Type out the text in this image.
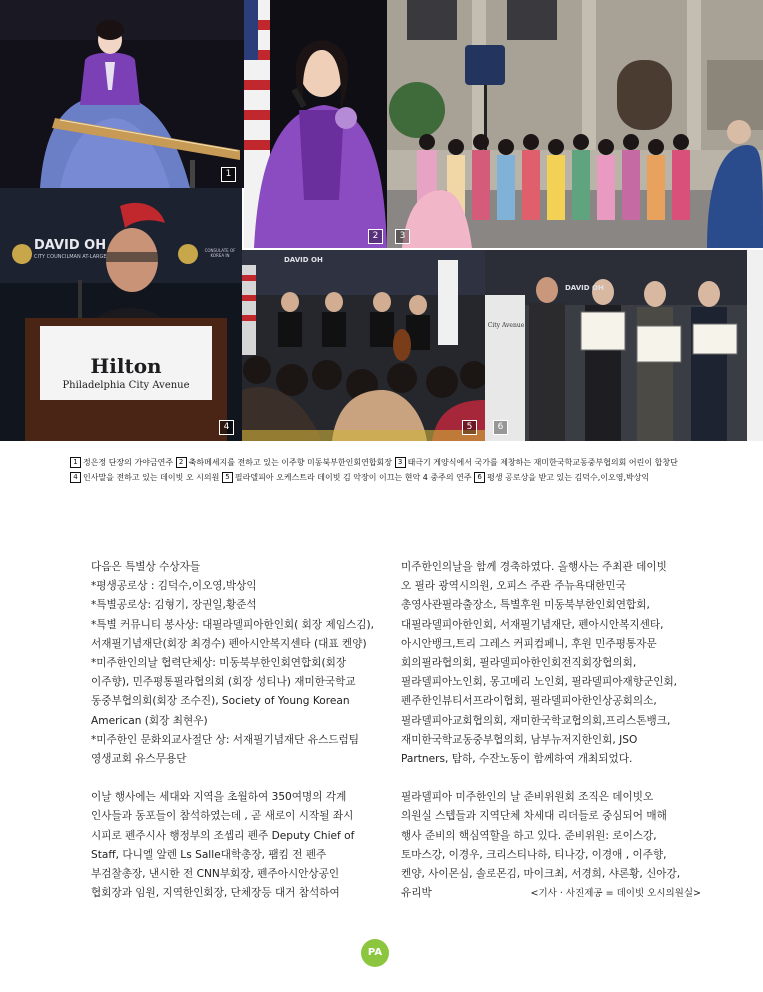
1
2	3
DAVID OH
CITY COUNCILMAN AT-LARGE
CONSULATE OF KOREA IN
Hilton
Philadelphia City Avenue
4
DAVID OH
5
DAVID OH
City Avenue
6
1 정은정 단장의 가야금연주 2 축하메세지를 전하고 있는 이주향 미동북부한인회연합회장 3 태극기 게양식에서 국가를 제창하는 재미한국학교동중부협의회 어린이 합창단
4 인사말을 전하고 있는 데이빗 오 시의원 5 필라델피아 오케스트라 데이빗 김 악장이 이끄는 현악 4 중주의 연주 6 평생 공로상을 받고 있는 김덕수,이오영,박상익

다음은 특별상 수상자들

*평생공로상 : 김덕수,이오영,박상익

*특별공로상: 김형기, 장권일,황준석

*특별 커뮤니티 봉사상: 대필라델피아한인회( 회장 제임스김),

서재필기념재단(회장 최경수) 펜아시안복지센타 (대표 켄양)

*미주한인의날 협력단체상: 미동북부한인회연합회(회장

이주향), 민주평통필라협의회 (회장 성티나) 재미한국학교

동중부협의회(회장 조수진), Society of Young Korean

American (회장 최현우)

*미주한인 문화외교사절단 상: 서재필기념재단 유스드럼팀

영생교회 유스무용단

이날 행사에는 세대와 지역을 초월하여 350여명의 각계

인사들과 동포들이 참석하였는데 , 곧 새로이 시작될 좌시

시피로 펜주시사 행정부의 조셉리 펜주 Deputy Chief of

Staff, 다니엘 알렌 Ls Salle대학총장, 팸킴 전 펜주

부검찰총장, 낸시한 전 CNN부회장, 펜주아시안상공인

협회장과 임원, 지역한인회장, 단체장등 대거 참석하여

미주한인의날을 함께 경축하였다. 올행사는 주최관 데이빗

오 필라 광역시의원, 오피스 주관 주뉴욕대한민국

총영사관필라출장소, 특별후원 미동북부한인회연합회,

대필라델피아한인회, 서재필기념재단, 펜아시안복지센타,

아시안뱅크,트리 그레스 커피컴페니, 후원 민주평통자문

회의필라협의회, 필라델피아한인회전직회장협의회,

필라델피아노인회, 몽고메리 노인회, 필라델피아재향군인회,

펜주한인뷰티서프라이협회, 필라델피아한인상공회의소,

필라델피아교회협의회, 재미한국학교협의회,프리스톤뱅크,

재미한국학교동중부협의회, 남부뉴저지한인회, JSO

Partners, 탐하, 수잔노동이 함께하여 개최되었다.

필라델피아 미주한인의 날 준비위원회 조직은 데이빗오

의원실 스텝들과 지역단체 차세대 리더들로 중심되어 매해

행사 준비의 핵심역할을 하고 있다. 준비위원: 로이스강,

토마스강, 이경우, 크리스티나하, 티나강, 이경애 , 이주향,

켄양, 사이몬심, 솔로몬김, 마이크최, 서경희, 샤론황, 신아강,

유리박	<기사 · 사진제공 = 데이빗 오시의원실>

PA
